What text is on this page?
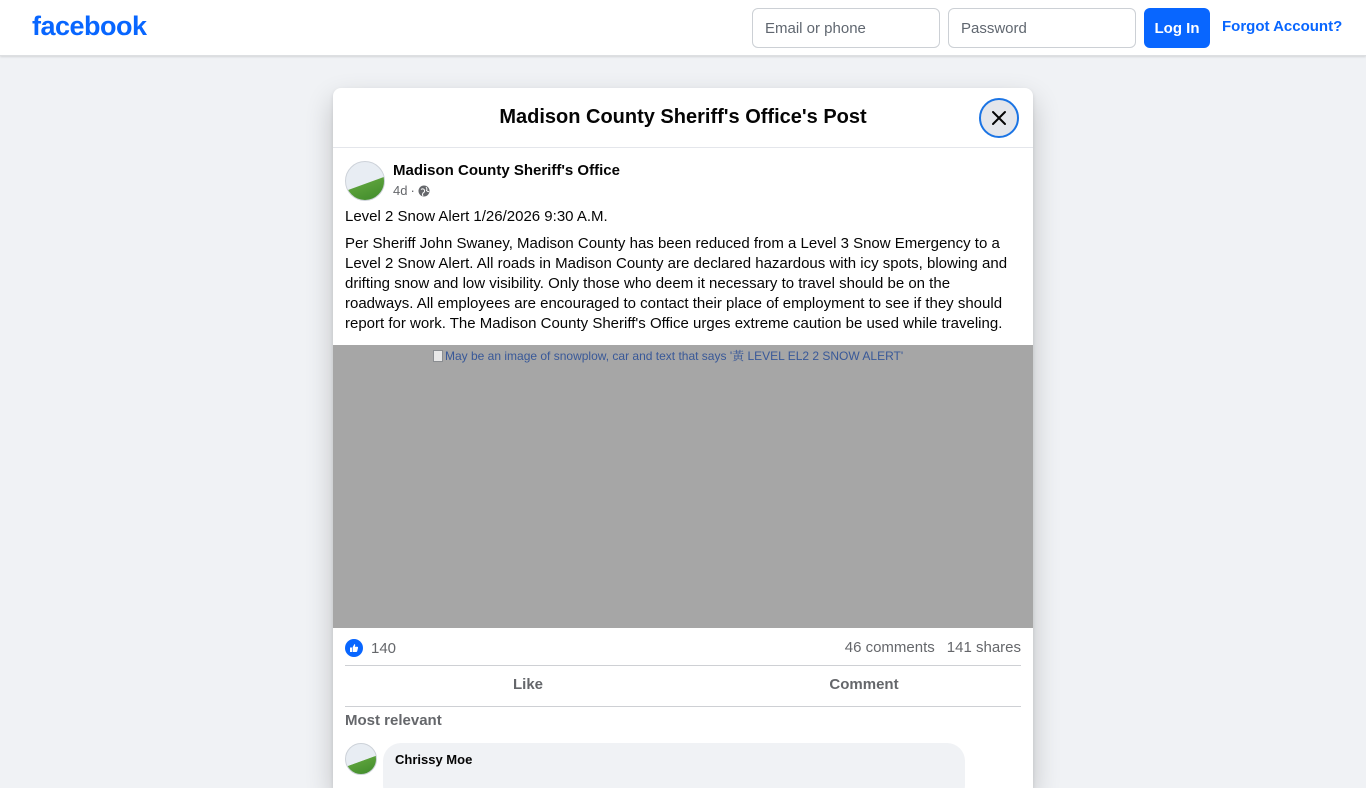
facebook
Email or phone	Log In	Forgot Account?
Madison County Sheriff's Office's Post
Madison County Sheriff's Office
4d ·
Level 2 Snow Alert 1/26/2026 9:30 A.M.
Per Sheriff John Swaney, Madison County has been reduced from a Level 3 Snow Emergency to a Level 2 Snow Alert. All roads in Madison County are declared hazardous with icy spots, blowing and drifting snow and low visibility. Only those who deem it necessary to travel should be on the roadways. All employees are encouraged to contact their place of employment to see if they should report for work. The Madison County Sheriff's Office urges extreme caution be used while traveling.
May be an image of snowplow, car and text that says '黃 LEVEL EL2 2 SNOW ALERT'
140	46 comments 141 shares
Like	Comment
Most relevant
Chrissy Moe
